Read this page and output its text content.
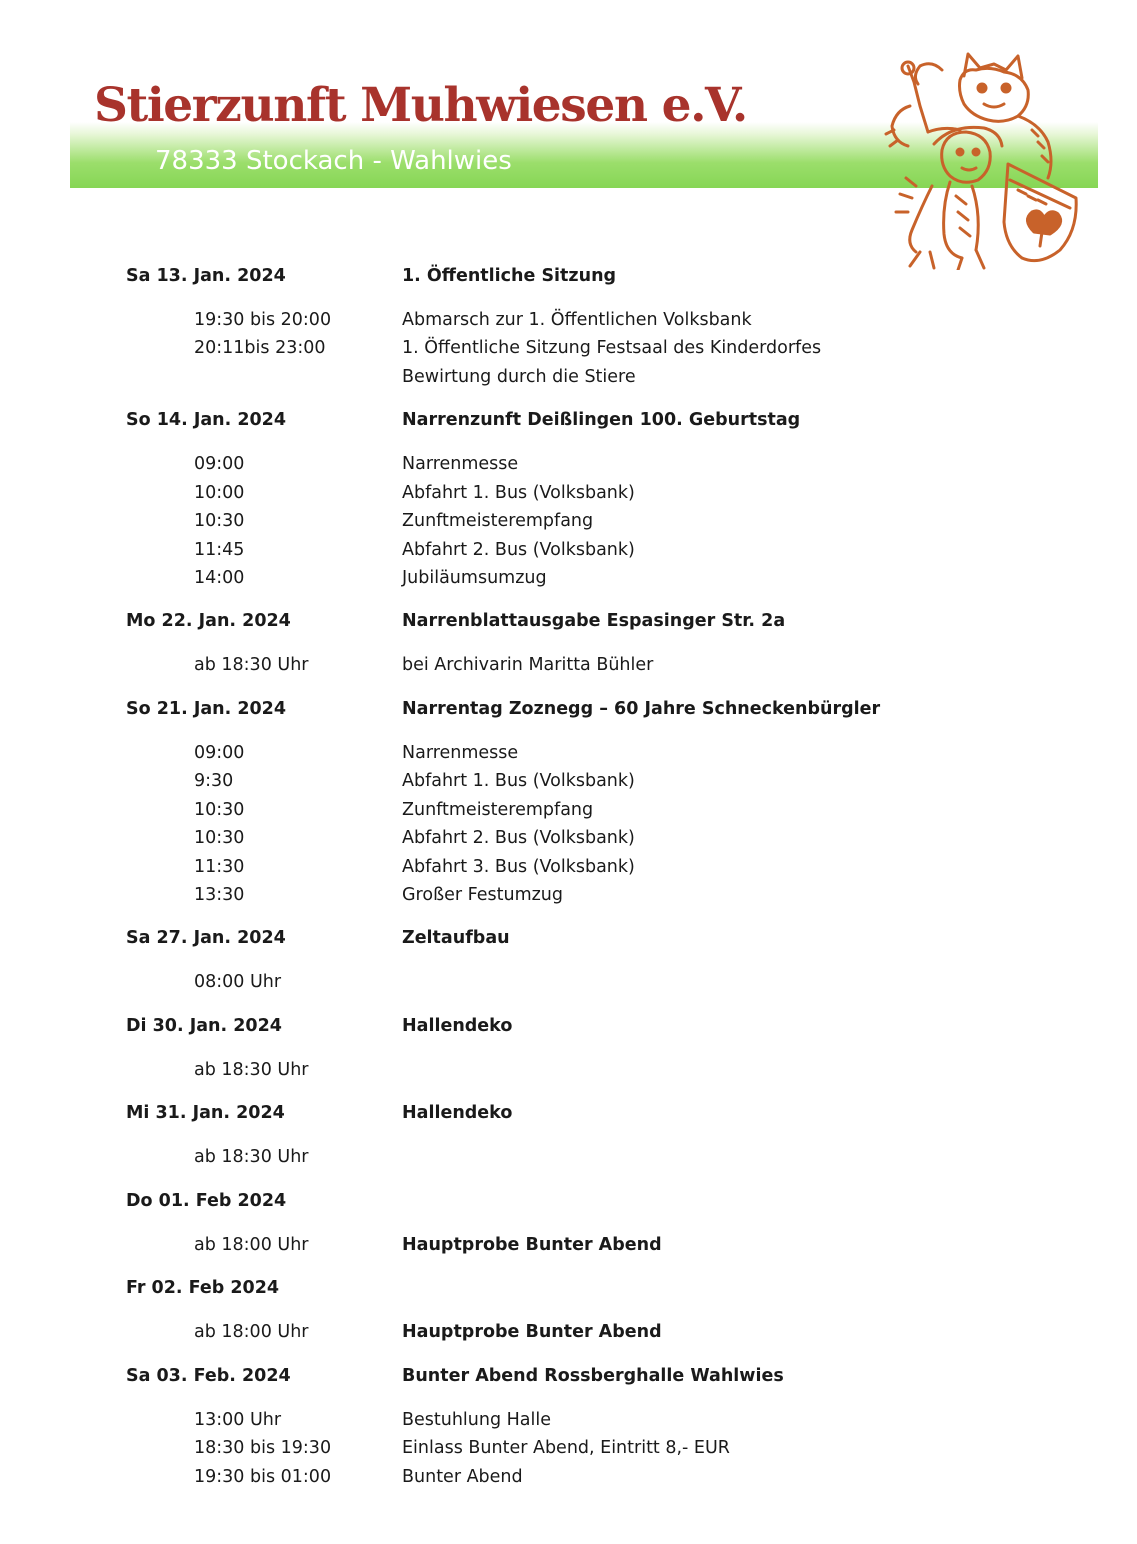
Stierzunft Muhwiesen e.V.
78333 Stockach - Wahlwies
Sa 13. Jan. 2024	1. Öffentliche Sitzung
19:30 bis 20:00	Abmarsch zur 1. Öffentlichen Volksbank
20:11bis 23:00	1. Öffentliche Sitzung Festsaal des Kinderdorfes
Bewirtung durch die Stiere
So 14. Jan. 2024	Narrenzunft Deißlingen 100. Geburtstag
09:00	Narrenmesse
10:00	Abfahrt 1. Bus (Volksbank)
10:30	Zunftmeisterempfang
11:45	Abfahrt 2. Bus (Volksbank)
14:00	Jubiläumsumzug
Mo 22. Jan. 2024	Narrenblattausgabe Espasinger Str. 2a
ab 18:30 Uhr	bei Archivarin Maritta Bühler
So 21. Jan. 2024	Narrentag Zoznegg – 60 Jahre Schneckenbürgler
09:00	Narrenmesse
9:30	Abfahrt 1. Bus (Volksbank)
10:30	Zunftmeisterempfang
10:30	Abfahrt 2. Bus (Volksbank)
11:30	Abfahrt 3. Bus (Volksbank)
13:30	Großer Festumzug
Sa 27. Jan. 2024	Zeltaufbau
08:00 Uhr
Di 30. Jan. 2024	Hallendeko
ab 18:30 Uhr
Mi 31. Jan. 2024	Hallendeko
ab 18:30 Uhr
Do 01. Feb 2024
ab 18:00 Uhr	Hauptprobe Bunter Abend
Fr 02. Feb 2024
ab 18:00 Uhr	Hauptprobe Bunter Abend
Sa 03. Feb. 2024	Bunter Abend Rossberghalle Wahlwies
13:00 Uhr	Bestuhlung Halle
18:30 bis 19:30	Einlass Bunter Abend, Eintritt 8,- EUR
19:30 bis 01:00	Bunter Abend
